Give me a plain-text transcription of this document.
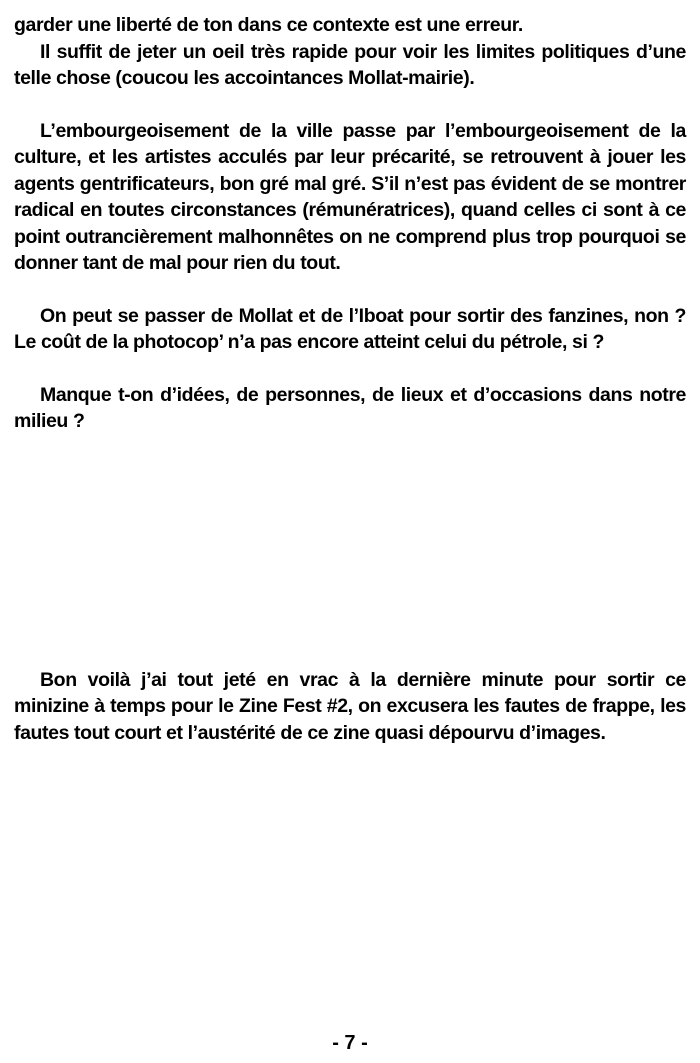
garder une liberté de ton dans ce contexte est une erreur.

Il suffit de jeter un oeil très rapide pour voir les limites politiques d’une telle chose (coucou les accointances Mollat-mairie).

L’embourgeoisement de la ville passe par l’embourgeoisement de la culture, et les artistes acculés par leur précarité, se retrouvent à jouer les agents gentrificateurs, bon gré mal gré. S’il n’est pas évident de se montrer radical en toutes circonstances (rémunératrices), quand celles ci sont à ce point outrancièrement malhonnêtes on ne comprend plus trop pourquoi se donner tant de mal pour rien du tout.

On peut se passer de Mollat et de l’Iboat pour sortir des fanzines, non ? Le coût de la photocop’ n’a pas encore atteint celui du pétrole, si ?

Manque t-on d’idées, de personnes, de lieux et d’occasions dans notre milieu ?

Bon voilà j’ai tout jeté en vrac à la dernière minute pour sortir ce minizine à temps pour le Zine Fest #2, on excusera les fautes de frappe, les fautes tout court et l’austérité de ce zine quasi dépourvu d’images.

- 7 -
